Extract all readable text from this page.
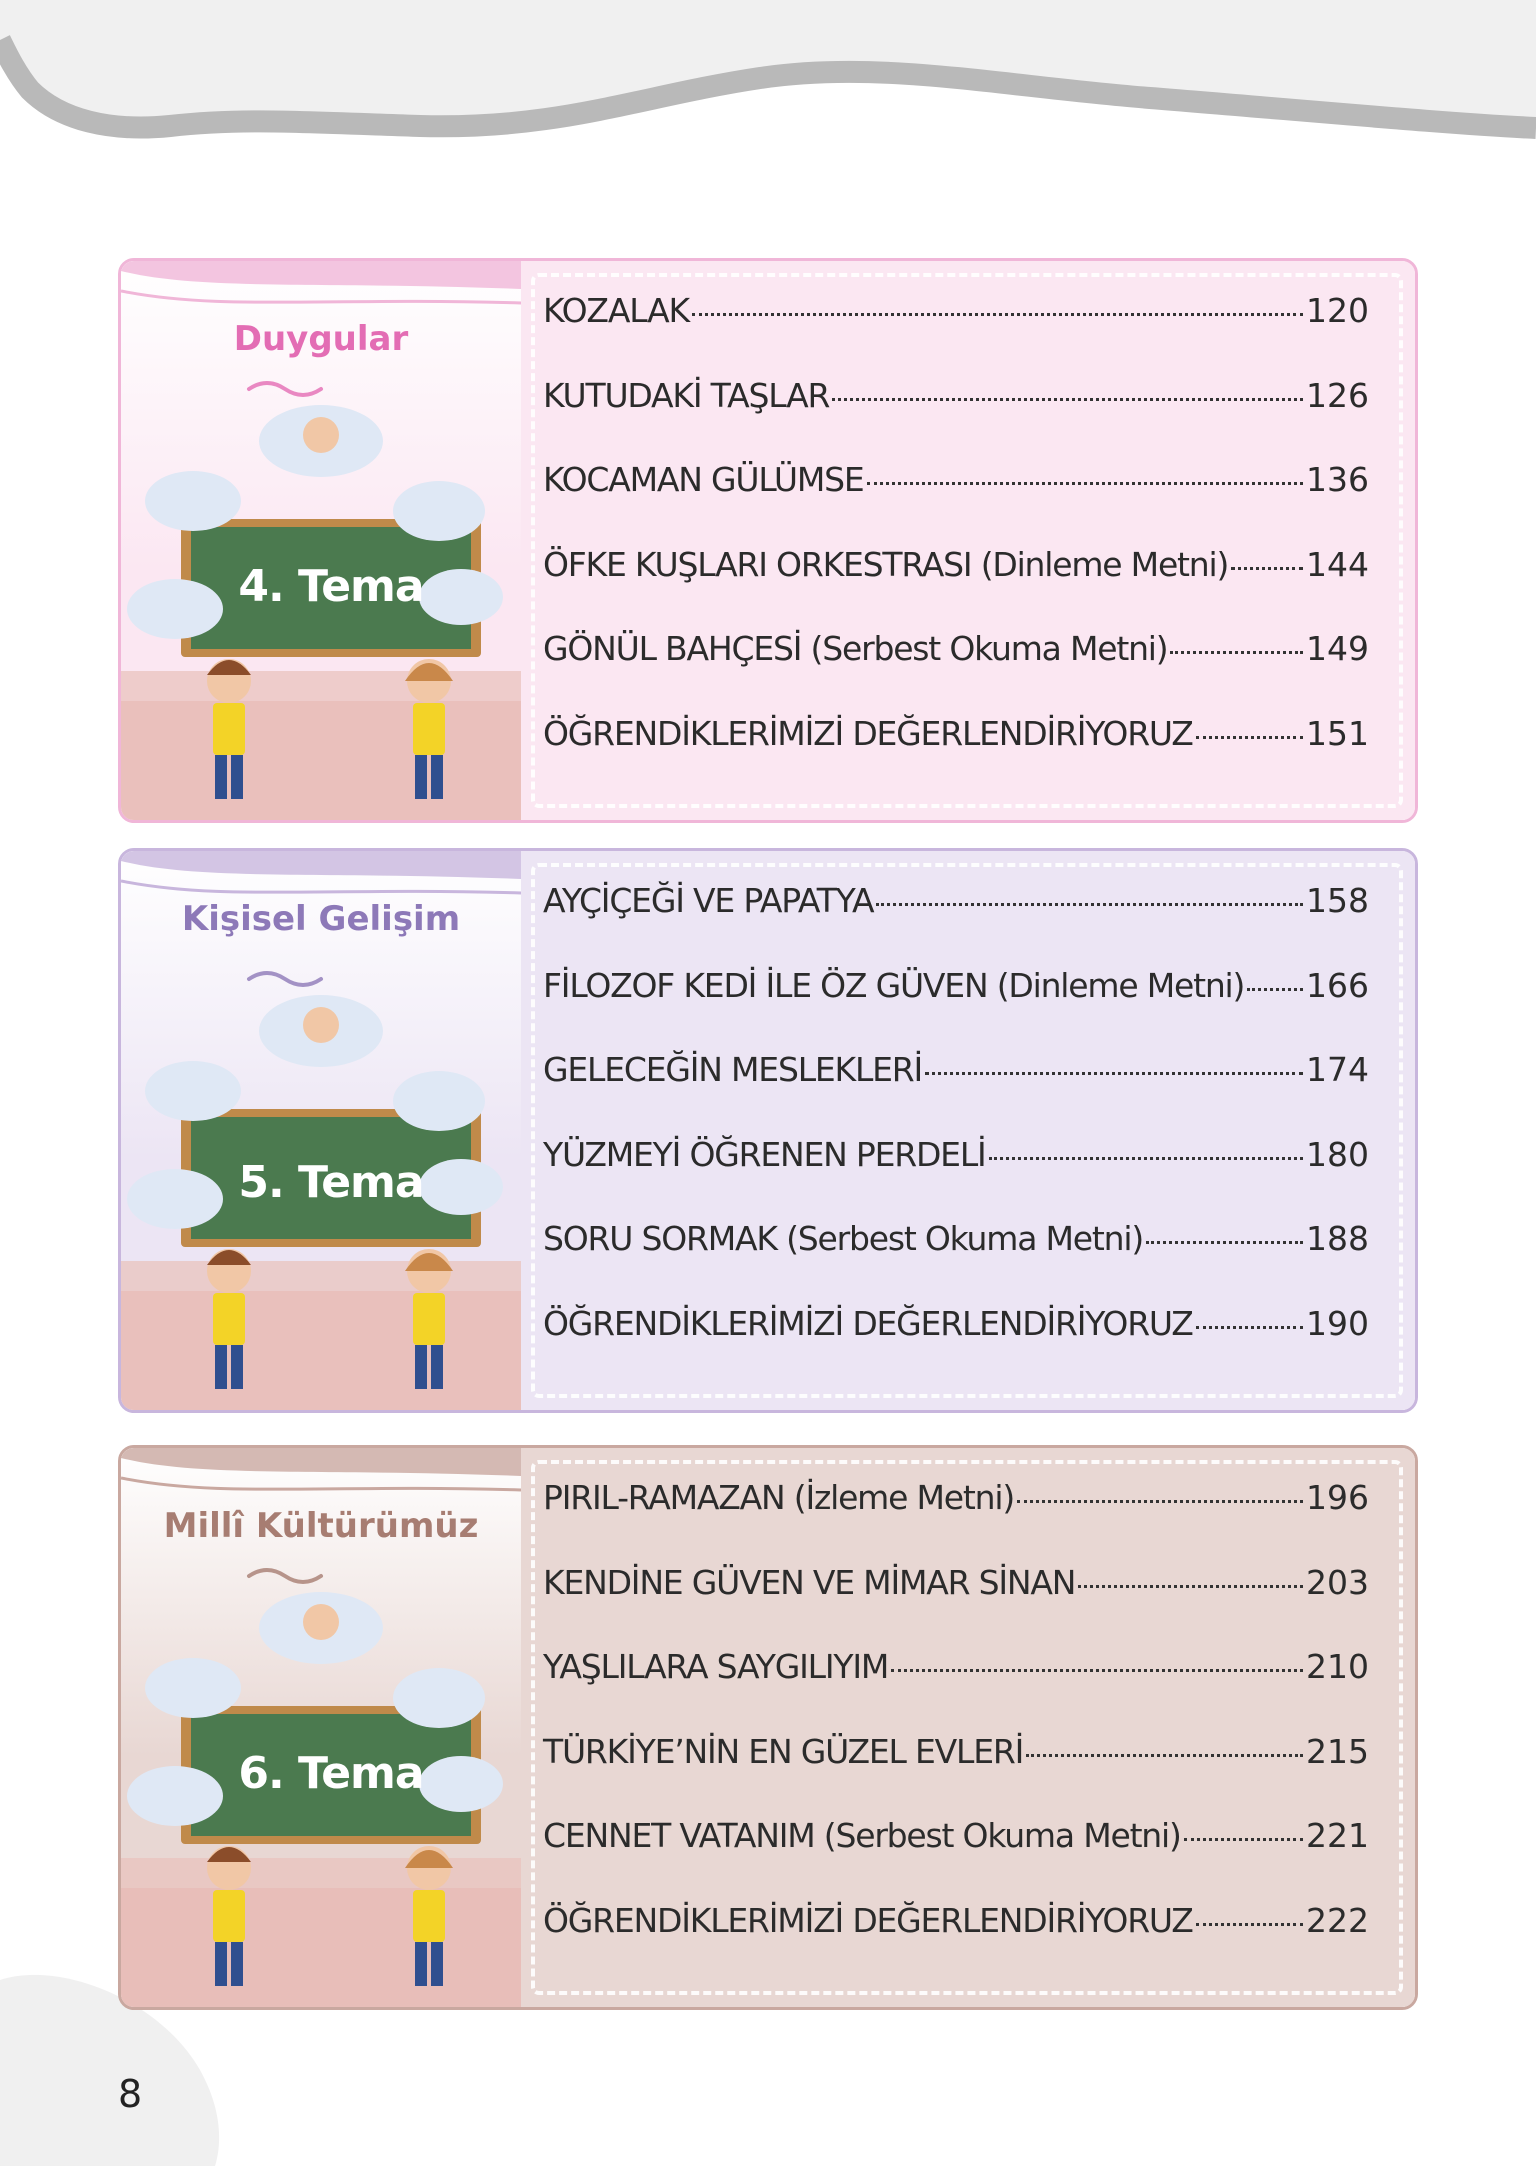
Duygular
4. Tema
KOZALAK	120
KUTUDAKİ TAŞLAR	126
KOCAMAN GÜLÜMSE	136
ÖFKE KUŞLARI ORKESTRASI (Dinleme Metni) 144
GÖNÜL BAHÇESİ (Serbest Okuma Metni)	149
ÖĞRENDİKLERİMİZİ DEĞERLENDİRİYORUZ	151
Kişisel Gelişim
5. Tema
AYÇİÇEĞİ VE PAPATYA	158
FİLOZOF KEDİ İLE ÖZ GÜVEN (Dinleme Metni) 166
GELECEĞİN MESLEKLERİ	174
YÜZMEYİ ÖĞRENEN PERDELİ	180
SORU SORMAK (Serbest Okuma Metni)	188
ÖĞRENDİKLERİMİZİ DEĞERLENDİRİYORUZ	190
Millî Kültürümüz
6. Tema
PIRIL-RAMAZAN (İzleme Metni)	196
KENDİNE GÜVEN VE MİMAR SİNAN	203
YAŞLILARA SAYGILIYIM	210
TÜRKİYE’NİN EN GÜZEL EVLERİ	215
CENNET VATANIM (Serbest Okuma Metni)	221
ÖĞRENDİKLERİMİZİ DEĞERLENDİRİYORUZ	222
8
